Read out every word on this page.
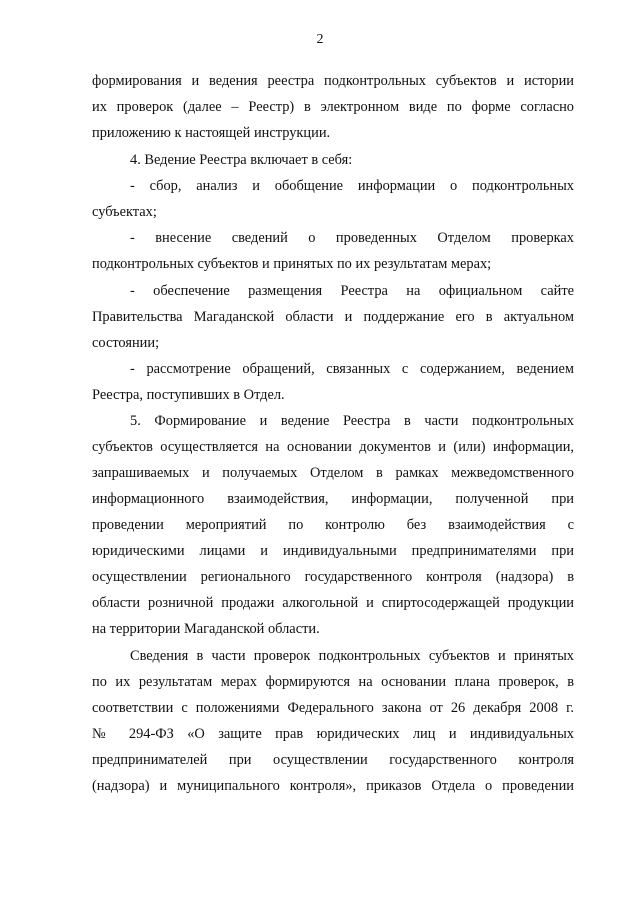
2
формирования и ведения реестра подконтрольных субъектов и истории
их проверок (далее – Реестр) в электронном виде по форме согласно
приложению к настоящей инструкции.
4. Ведение Реестра включает в себя:
- сбор, анализ и обобщение информации о подконтрольных
субъектах;
- внесение сведений о проведенных Отделом проверках
подконтрольных субъектов и принятых по их результатам мерах;
- обеспечение размещения Реестра на официальном сайте
Правительства Магаданской области и поддержание его в актуальном
состоянии;
- рассмотрение обращений, связанных с содержанием, ведением
Реестра, поступивших в Отдел.
5. Формирование и ведение Реестра в части подконтрольных
субъектов осуществляется на основании документов и (или) информации,
запрашиваемых и получаемых Отделом в рамках межведомственного
информационного взаимодействия, информации, полученной при
проведении мероприятий по контролю без взаимодействия с
юридическими лицами и индивидуальными предпринимателями при
осуществлении регионального государственного контроля (надзора) в
области розничной продажи алкогольной и спиртосодержащей продукции
на территории Магаданской области.
Сведения в части проверок подконтрольных субъектов и принятых
по их результатам мерах формируются на основании плана проверок, в
соответствии с положениями Федерального закона от 26 декабря 2008 г.
№ 294-ФЗ «О защите прав юридических лиц и индивидуальных
предпринимателей при осуществлении государственного контроля
(надзора) и муниципального контроля», приказов Отдела о проведении
